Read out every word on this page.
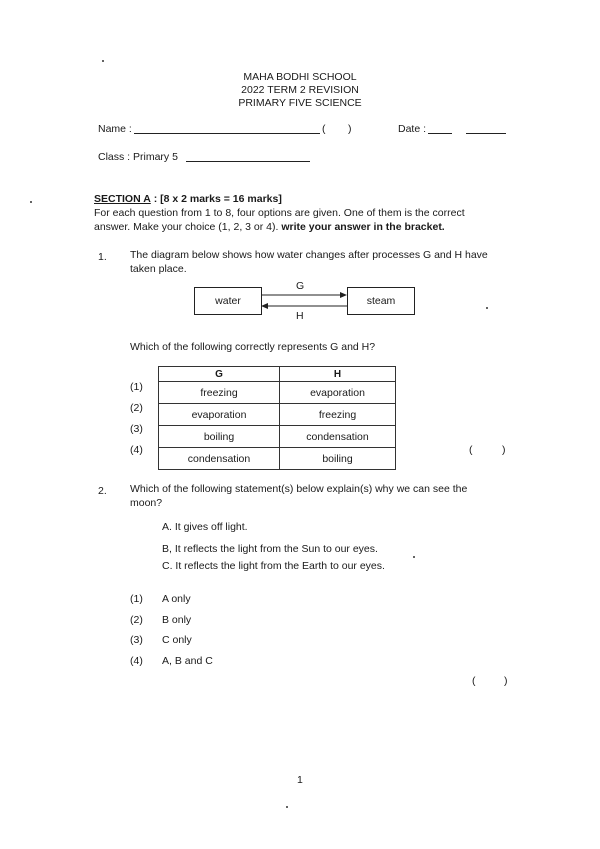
MAHA BODHI SCHOOL
2022 TERM 2 REVISION
PRIMARY FIVE SCIENCE
Name :	( )	Date :
Class : Primary 5
SECTION A : [8 x 2 marks = 16 marks]
For each question from 1 to 8, four options are given. One of them is the correct
answer. Make your choice (1, 2, 3 or 4). write your answer in the bracket.
1. The diagram below shows how water changes after processes G and H have
taken place.
water	steam
G
H
Which of the following correctly represents G and H?
(1)
(2)
(3)
(4)
G	H
freezing	evaporation
evaporation	freezing
boiling	condensation
condensation	boiling
(	)
2. Which of the following statement(s) below explain(s) why we can see the
moon?
A. It gives off light.
B, It reflects the light from the Sun to our eyes.
C. It reflects the light from the Earth to our eyes.
(1) A only
(2) B only
(3) C only
(4) A, B and C
(	)
1
